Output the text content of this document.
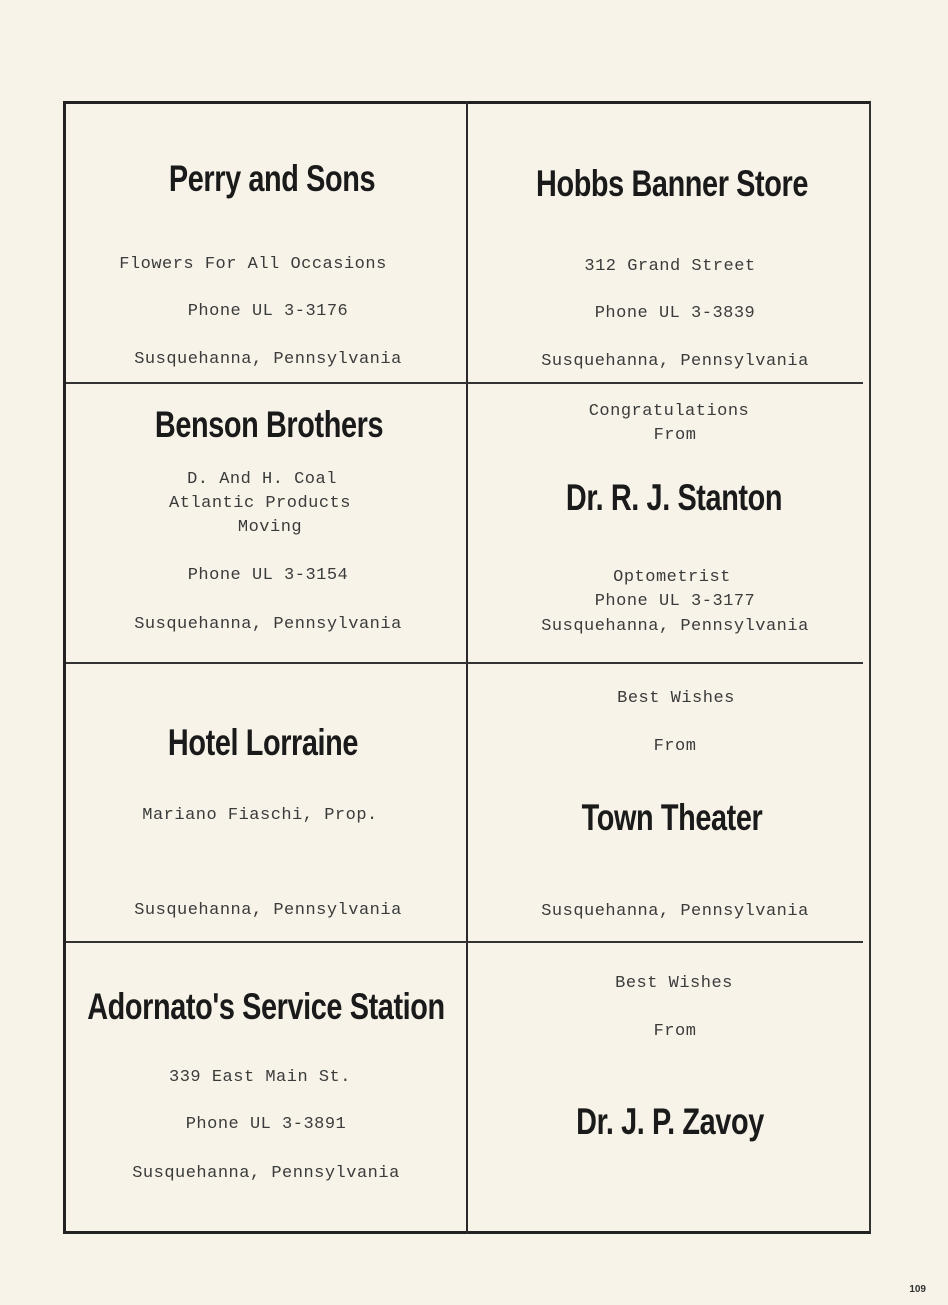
Perry and Sons
Flowers For All Occasions
Phone UL 3-3176
Susquehanna, Pennsylvania
Hobbs Banner Store
312 Grand Street
Phone UL 3-3839
Susquehanna, Pennsylvania
Benson Brothers
D. And H. Coal
Atlantic Products
Moving
Phone UL 3-3154
Susquehanna, Pennsylvania
Congratulations
From
Dr. R. J. Stanton
Optometrist
Phone UL 3-3177
Susquehanna, Pennsylvania
Hotel Lorraine
Mariano Fiaschi, Prop.
Susquehanna, Pennsylvania
Best Wishes
From
Town Theater
Susquehanna, Pennsylvania
Adornato's Service Station
339 East Main St.
Phone UL 3-3891
Susquehanna, Pennsylvania
Best Wishes
From
Dr. J. P. Zavoy
109
